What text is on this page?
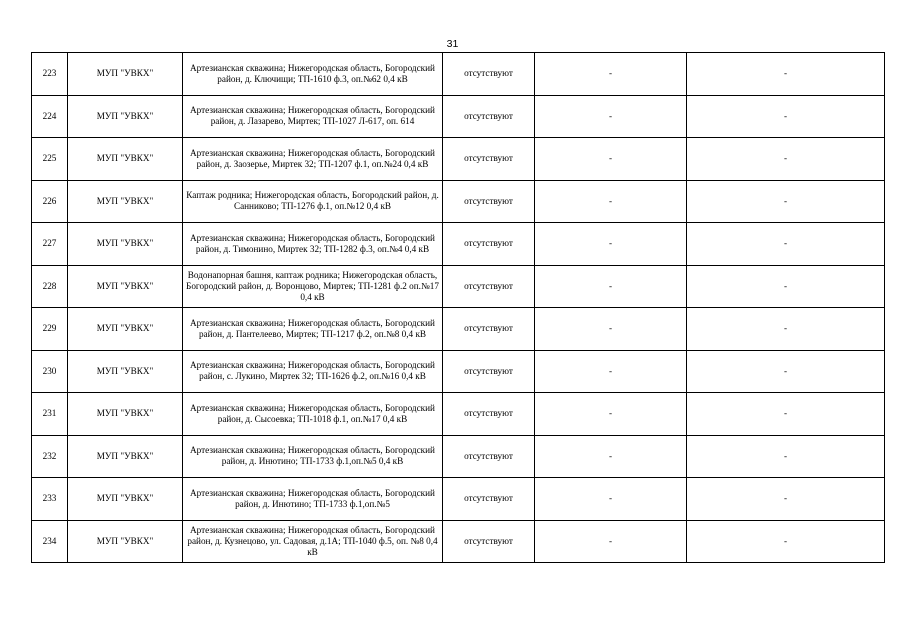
31
223	МУП "УВКХ"	Артезианская скважина; Нижегородская область, Богородский район, д. Ключищи; ТП-1610 ф.3, оп.№62 0,4 кВ	отсутствуют	-	-
224	МУП "УВКХ"	Артезианская скважина; Нижегородская область, Богородский район, д. Лазарево, Миртек; ТП-1027 Л-617, оп. 614	отсутствуют	-	-
225	МУП "УВКХ"	Артезианская скважина; Нижегородская область, Богородский район, д. Заозерье, Миртек 32; ТП-1207 ф.1, оп.№24 0,4 кВ	отсутствуют	-	-
226	МУП "УВКХ"	Каптаж родника; Нижегородская область, Богородский район, д. Санниково; ТП-1276 ф.1, оп.№12 0,4 кВ	отсутствуют	-	-
227	МУП "УВКХ"	Артезианская скважина; Нижегородская область, Богородский район, д. Тимонино, Миртек 32; ТП-1282 ф.3, оп.№4 0,4 кВ	отсутствуют	-	-
228	МУП "УВКХ"	Водонапорная башня, каптаж родника; Нижегородская область, Богородский район, д. Воронцово, Миртек; ТП-1281 ф.2 оп.№17 0,4 кВ	отсутствуют	-	-
229	МУП "УВКХ"	Артезианская скважина; Нижегородская область, Богородский район, д. Пантелеево, Миртек; ТП-1217 ф.2, оп.№8 0,4 кВ	отсутствуют	-	-
230	МУП "УВКХ"	Артезианская скважина; Нижегородская область, Богородский район, с. Лукино, Миртек 32; ТП-1626 ф.2, оп.№16 0,4 кВ	отсутствуют	-	-
231	МУП "УВКХ"	Артезианская скважина; Нижегородская область, Богородский район, д. Сысоевка; ТП-1018 ф.1, оп.№17 0,4 кВ	отсутствуют	-	-
232	МУП "УВКХ"	Артезианская скважина; Нижегородская область, Богородский район, д. Инютино; ТП-1733 ф.1,оп.№5 0,4 кВ	отсутствуют	-	-
233	МУП "УВКХ"	Артезианская скважина; Нижегородская область, Богородский район, д. Инютино; ТП-1733 ф.1,оп.№5	отсутствуют	-	-
234	МУП "УВКХ"	Артезианская скважина; Нижегородская область, Богородский район, д. Кузнецово, ул. Садовая, д.1А; ТП-1040 ф.5, оп. №8 0,4 кВ	отсутствуют	-	-
